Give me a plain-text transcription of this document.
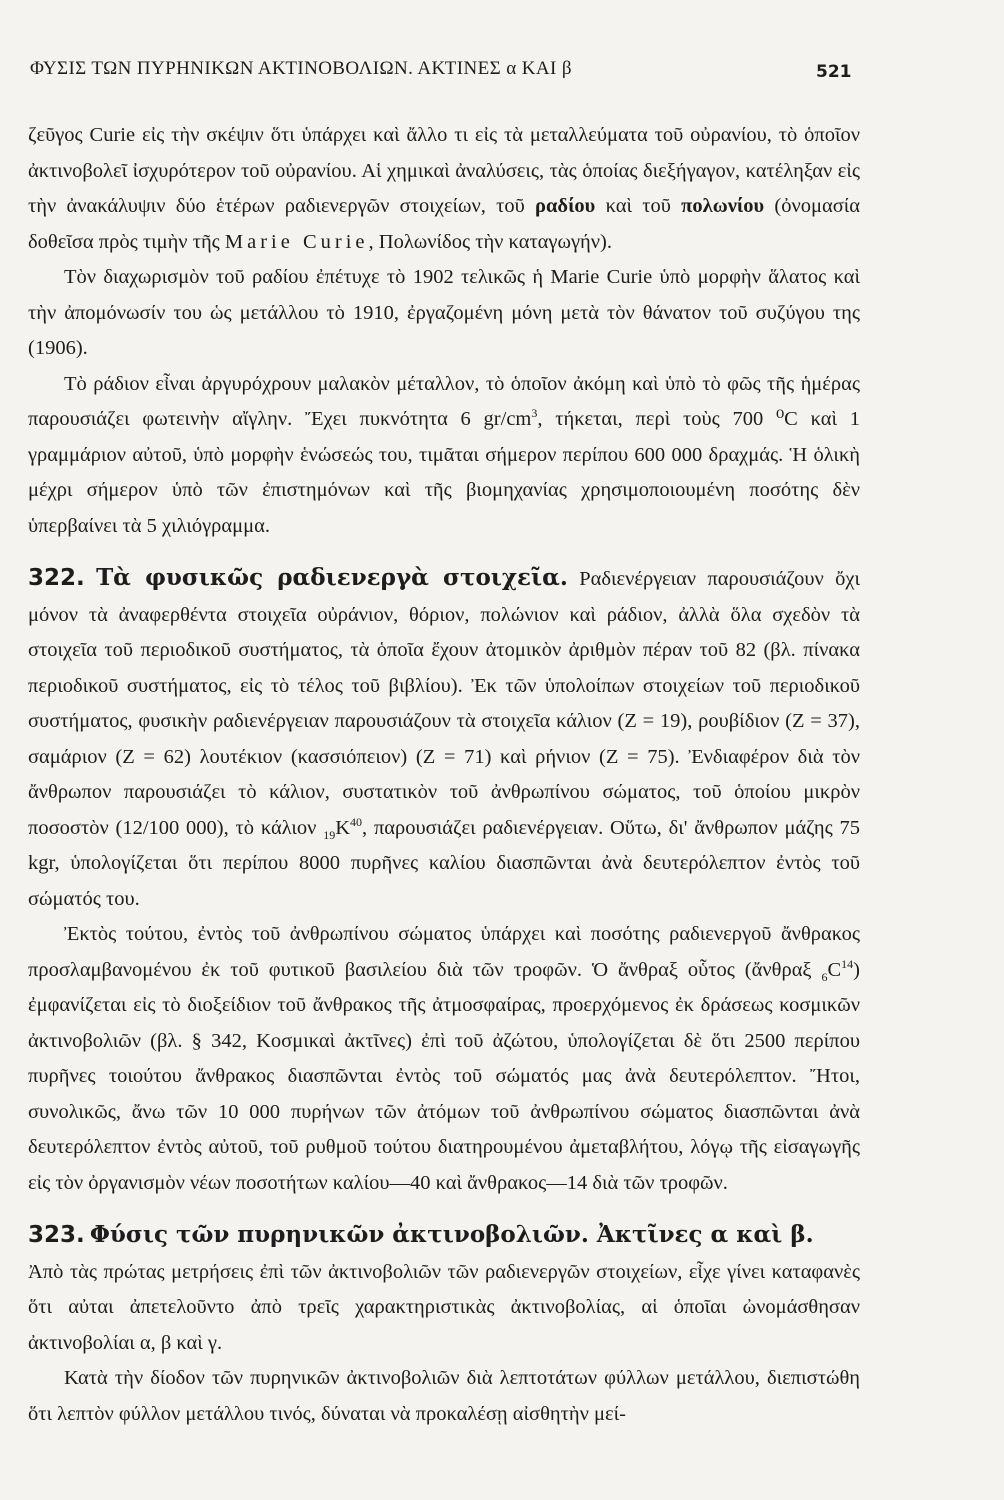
ΦΥΣΙΣ ΤΩΝ ΠΥΡΗΝΙΚΩΝ ΑΚΤΙΝΟΒΟΛΙΩΝ. ΑΚΤΙΝΕΣ α ΚΑΙ β	521

ζεῦγος Curie εἰς τὴν σκέψιν ὅτι ὑπάρχει καὶ ἄλλο τι εἰς τὰ μεταλλεύματα τοῦ οὐρανίου, τὸ ὁποῖον ἀκτινοβολεῖ ἰσχυρότερον τοῦ οὐρανίου. Αἱ χημικαὶ ἀναλύσεις, τὰς ὁποίας διεξήγαγον, κατέληξαν εἰς τὴν ἀνακάλυψιν δύο ἑτέρων ραδιενεργῶν στοιχείων, τοῦ ραδίου καὶ τοῦ πολωνίου (ὀνομασία δοθεῖσα πρὸς τιμὴν τῆς Marie Curie, Πολωνίδος τὴν καταγωγήν).

Τὸν διαχωρισμὸν τοῦ ραδίου ἐπέτυχε τὸ 1902 τελικῶς ἡ Marie Curie ὑπὸ μορφὴν ἅλατος καὶ τὴν ἀπομόνωσίν του ὡς μετάλλου τὸ 1910, ἐργαζομένη μόνη μετὰ τὸν θάνατον τοῦ συζύγου της (1906).

Τὸ ράδιον εἶναι ἀργυρόχρουν μαλακὸν μέταλλον, τὸ ὁποῖον ἀκόμη καὶ ὑπὸ τὸ φῶς τῆς ἡμέρας παρουσιάζει φωτεινὴν αἴγλην. Ἔχει πυκνότητα 6 $gr/cm^3$, τήκεται, περὶ τοὺς 700 ⁰C καὶ 1 γραμμάριον αὐτοῦ, ὑπὸ μορφὴν ἑνώσεώς του, τιμᾶται σήμερον περίπου 600 000 δραχμάς. Ἡ ὁλικὴ μέχρι σήμερον ὑπὸ τῶν ἐπιστημόνων καὶ τῆς βιομηχανίας χρησιμοποιουμένη ποσότης δὲν ὑπερβαίνει τὰ 5 χιλιόγραμμα.

322. Τὰ φυσικῶς ραδιενεργὰ στοιχεῖα. Ραδιενέργειαν παρουσιάζουν ὄχι μόνον τὰ ἀναφερθέντα στοιχεῖα οὐράνιον, θόριον, πολώνιον καὶ ράδιον, ἀλλὰ ὅλα σχεδὸν τὰ στοιχεῖα τοῦ περιοδικοῦ συστήματος, τὰ ὁποῖα ἔχουν ἀτομικὸν ἀριθμὸν πέραν τοῦ 82 (βλ. πίνακα περιοδικοῦ συστήματος, εἰς τὸ τέλος τοῦ βιβλίου). Ἐκ τῶν ὑπολοίπων στοιχείων τοῦ περιοδικοῦ συστήματος, φυσικὴν ραδιενέργειαν παρουσιάζουν τὰ στοιχεῖα κάλιον (Z = 19), ρουβίδιον (Z = 37), σαμάριον (Z = 62) λουτέκιον (κασσιόπειον) (Z = 71) καὶ ρήνιον (Z = 75). Ἐνδιαφέρον διὰ τὸν ἄνθρωπον παρουσιάζει τὸ κάλιον, συστατικὸν τοῦ ἀνθρωπίνου σώματος, τοῦ ὁποίου μικρὸν ποσοστὸν (12/100 000), τὸ κάλιον $_{19}K^{40}$, παρουσιάζει ραδιενέργειαν. Οὕτω, δι' ἄνθρωπον μάζης 75 kgr, ὑπολογίζεται ὅτι περίπου 8000 πυρῆνες καλίου διασπῶνται ἀνὰ δευτερόλεπτον ἐντὸς τοῦ σώματός του.

Ἐκτὸς τούτου, ἐντὸς τοῦ ἀνθρωπίνου σώματος ὑπάρχει καὶ ποσότης ραδιενεργοῦ ἄνθρακος προσλαμβανομένου ἐκ τοῦ φυτικοῦ βασιλείου διὰ τῶν τροφῶν. Ὁ ἄνθραξ οὗτος (ἄνθραξ $_6C^{14}$) ἐμφανίζεται εἰς τὸ διοξείδιον τοῦ ἄνθρακος τῆς ἀτμοσφαίρας, προερχόμενος ἐκ δράσεως κοσμικῶν ἀκτινοβολιῶν (βλ. § 342, Κοσμικαὶ ἀκτῖνες) ἐπὶ τοῦ ἀζώτου, ὑπολογίζεται δὲ ὅτι 2500 περίπου πυρῆνες τοιούτου ἄνθρακος διασπῶνται ἐντὸς τοῦ σώματός μας ἀνὰ δευτερόλεπτον. Ἤτοι, συνολικῶς, ἄνω τῶν 10 000 πυρήνων τῶν ἀτόμων τοῦ ἀνθρωπίνου σώματος διασπῶνται ἀνὰ δευτερόλεπτον ἐντὸς αὐτοῦ, τοῦ ρυθμοῦ τούτου διατηρουμένου ἀμεταβλήτου, λόγῳ τῆς εἰσαγωγῆς εἰς τὸν ὀργανισμὸν νέων ποσοτήτων καλίου—40 καὶ ἄνθρακος—14 διὰ τῶν τροφῶν.

323. Φύσις τῶν πυρηνικῶν ἀκτινοβολιῶν. Ἀκτῖνες α καὶ β.

Ἀπὸ τὰς πρώτας μετρήσεις ἐπὶ τῶν ἀκτινοβολιῶν τῶν ραδιενεργῶν στοιχείων, εἶχε γίνει καταφανὲς ὅτι αὐται ἀπετελοῦντο ἀπὸ τρεῖς χαρακτηριστικὰς ἀκτινοβολίας, αἱ ὁποῖαι ὠνομάσθησαν ἀκτινοβολίαι α, β καὶ γ.

Κατὰ τὴν δίοδον τῶν πυρηνικῶν ἀκτινοβολιῶν διὰ λεπτοτάτων φύλλων μετάλλου, διεπιστώθη ὅτι λεπτὸν φύλλον μετάλλου τινός, δύναται νὰ προκαλέσῃ αἰσθητὴν μεί-
